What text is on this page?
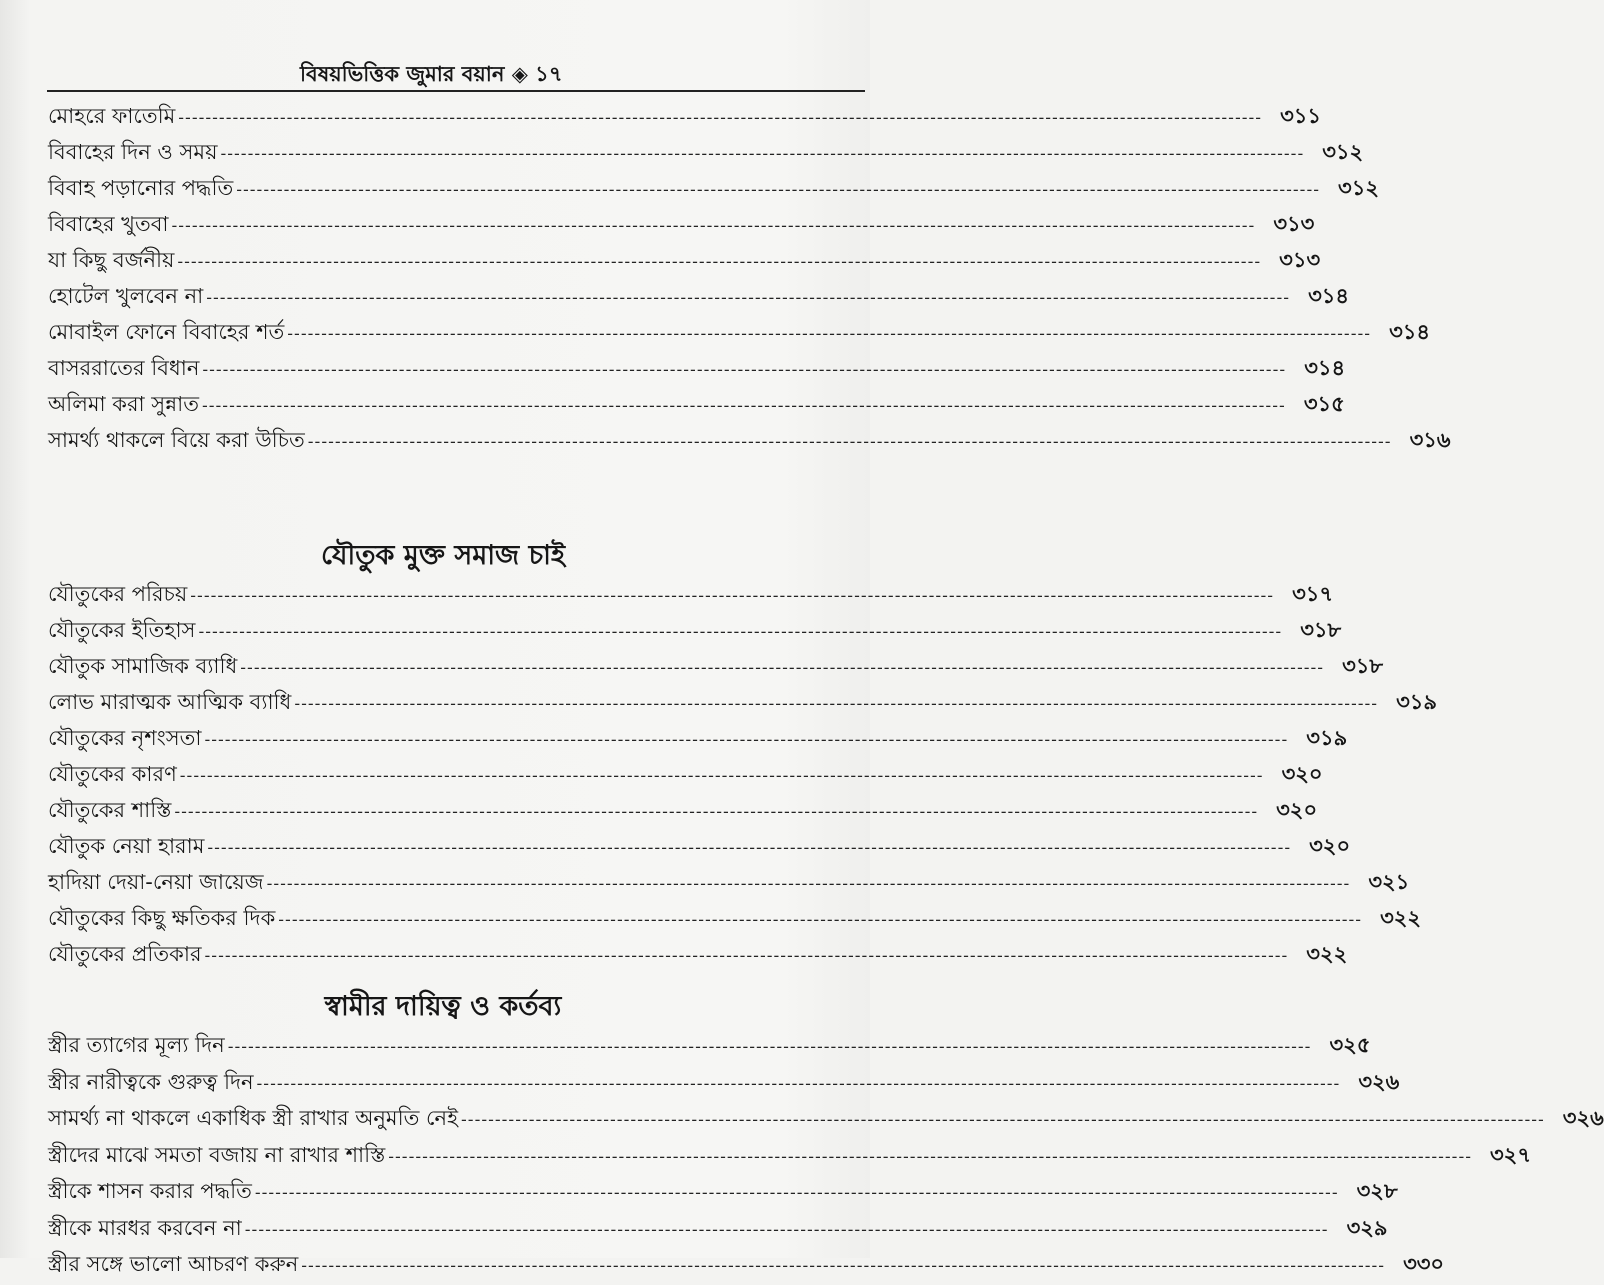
বিষয়ভিত্তিক জুমার বয়ান ◈ ১৭
মোহরে ফাতেমি ---------------------------------------------------------------------------------------------------------------------------------------------------------------- ৩১১
বিবাহের দিন ও সময় ---------------------------------------------------------------------------------------------------------------------------------------------------------------- ৩১২
বিবাহ পড়ানোর পদ্ধতি ---------------------------------------------------------------------------------------------------------------------------------------------------------------- ৩১২
বিবাহের খুতবা ---------------------------------------------------------------------------------------------------------------------------------------------------------------- ৩১৩
যা কিছু বর্জনীয় ---------------------------------------------------------------------------------------------------------------------------------------------------------------- ৩১৩
হোটেল খুলবেন না ---------------------------------------------------------------------------------------------------------------------------------------------------------------- ৩১৪
মোবাইল ফোনে বিবাহের শর্ত ---------------------------------------------------------------------------------------------------------------------------------------------------------------- ৩১৪
বাসররাতের বিধান ---------------------------------------------------------------------------------------------------------------------------------------------------------------- ৩১৪
অলিমা করা সুন্নাত ---------------------------------------------------------------------------------------------------------------------------------------------------------------- ৩১৫
সামর্থ্য থাকলে বিয়ে করা উচিত ---------------------------------------------------------------------------------------------------------------------------------------------------------------- ৩১৬
যৌতুক মুক্ত সমাজ চাই
যৌতুকের পরিচয় ---------------------------------------------------------------------------------------------------------------------------------------------------------------- ৩১৭
যৌতুকের ইতিহাস ---------------------------------------------------------------------------------------------------------------------------------------------------------------- ৩১৮
যৌতুক সামাজিক ব্যাধি ---------------------------------------------------------------------------------------------------------------------------------------------------------------- ৩১৮
লোভ মারাত্মক আত্মিক ব্যাধি ---------------------------------------------------------------------------------------------------------------------------------------------------------------- ৩১৯
যৌতুকের নৃশংসতা ---------------------------------------------------------------------------------------------------------------------------------------------------------------- ৩১৯
যৌতুকের কারণ ---------------------------------------------------------------------------------------------------------------------------------------------------------------- ৩২০
যৌতুকের শাস্তি ---------------------------------------------------------------------------------------------------------------------------------------------------------------- ৩২০
যৌতুক নেয়া হারাম ---------------------------------------------------------------------------------------------------------------------------------------------------------------- ৩২০
হাদিয়া দেয়া-নেয়া জায়েজ ---------------------------------------------------------------------------------------------------------------------------------------------------------------- ৩২১
যৌতুকের কিছু ক্ষতিকর দিক ---------------------------------------------------------------------------------------------------------------------------------------------------------------- ৩২২
যৌতুকের প্রতিকার ---------------------------------------------------------------------------------------------------------------------------------------------------------------- ৩২২
স্বামীর দায়িত্ব ও কর্তব্য
স্ত্রীর ত্যাগের মূল্য দিন ---------------------------------------------------------------------------------------------------------------------------------------------------------------- ৩২৫
স্ত্রীর নারীত্বকে গুরুত্ব দিন ---------------------------------------------------------------------------------------------------------------------------------------------------------------- ৩২৬
সামর্থ্য না থাকলে একাধিক স্ত্রী রাখার অনুমতি নেই ---------------------------------------------------------------------------------------------------------------------------------------------------------------- ৩২৬
স্ত্রীদের মাঝে সমতা বজায় না রাখার শাস্তি ---------------------------------------------------------------------------------------------------------------------------------------------------------------- ৩২৭
স্ত্রীকে শাসন করার পদ্ধতি ---------------------------------------------------------------------------------------------------------------------------------------------------------------- ৩২৮
স্ত্রীকে মারধর করবেন না ---------------------------------------------------------------------------------------------------------------------------------------------------------------- ৩২৯
স্ত্রীর সঙ্গে ভালো আচরণ করুন ---------------------------------------------------------------------------------------------------------------------------------------------------------------- ৩৩০
